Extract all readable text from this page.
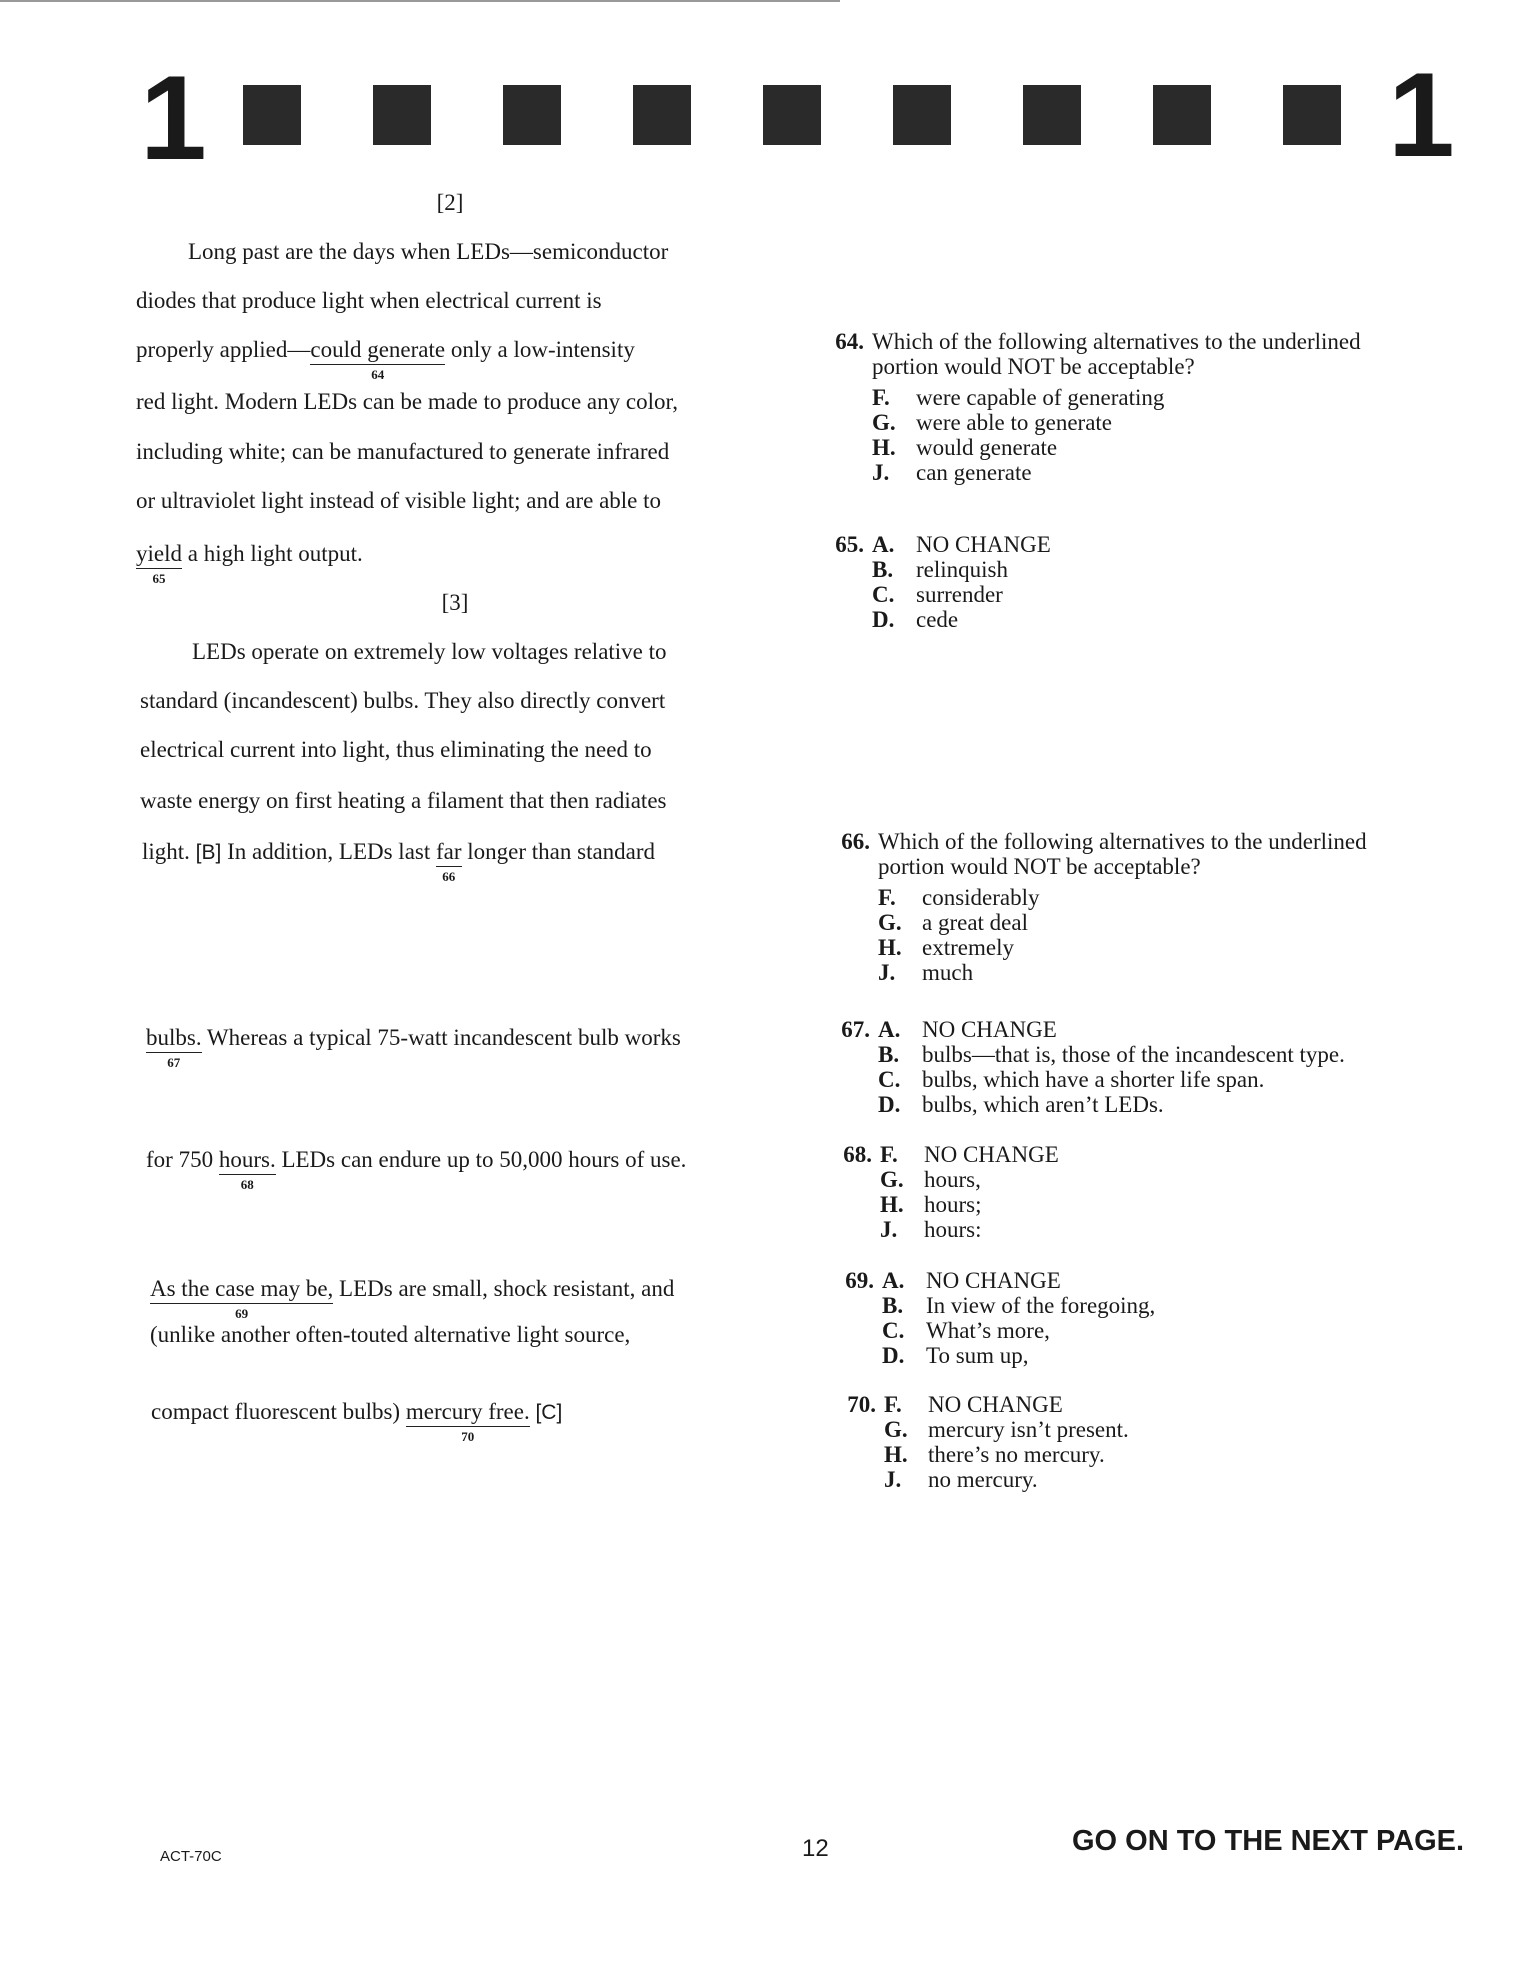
1	1
[2]
Long past are the days when LEDs—semiconductor
diodes that produce light when electrical current is
properly applied—could generate
64
only a low-intensity
red light. Modern LEDs can be made to produce any color,
including white; can be manufactured to generate infrared
or ultraviolet light instead of visible light; and are able to
yield
65
a high light output.
[3]
LEDs operate on extremely low voltages relative to
standard (incandescent) bulbs. They also directly convert
electrical current into light, thus eliminating the need to
waste energy on first heating a filament that then radiates
light. [B] In addition, LEDs last far
66
longer than standard
bulbs.
67
Whereas a typical 75-watt incandescent bulb works
for 750 hours.
68
LEDs can endure up to 50,000 hours of use.
As the case may be,
69
LEDs are small, shock resistant, and
(unlike another often-touted alternative light source,
compact fluorescent bulbs) mercury free.
70
[C]
64. Which of the following alternatives to the underlined
portion would NOT be acceptable?
F.	were capable of generating
G. were able to generate
H. would generate
J.	can generate
65. A. NO CHANGE
B. relinquish
C. surrender
D. cede
66. Which of the following alternatives to the underlined
portion would NOT be acceptable?
F.	considerably
G. a great deal
H. extremely
J.	much
67. A. NO CHANGE
B. bulbs—that is, those of the incandescent type.
C. bulbs, which have a shorter life span.
D. bulbs, which aren’t LEDs.
68. F.	NO CHANGE
G. hours,
H. hours;
J.	hours:
69. A. NO CHANGE
B. In view of the foregoing,
C. What’s more,
D. To sum up,
70. F.	NO CHANGE
G. mercury isn’t present.
H. there’s no mercury.
J.	no mercury.
ACT-70C	12	GO ON TO THE NEXT PAGE.
